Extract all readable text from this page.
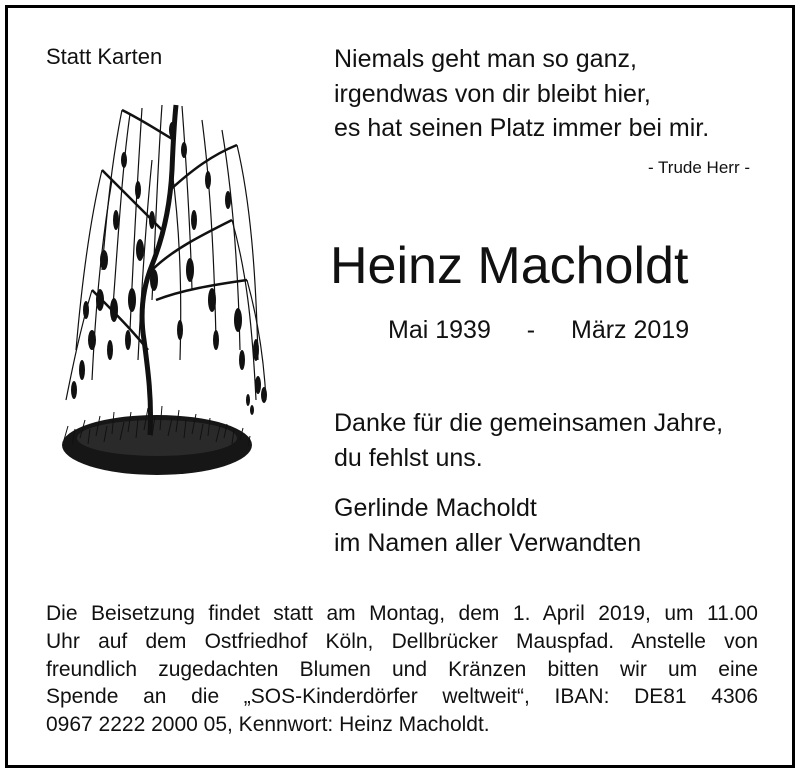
Statt Karten	Niemals geht man so ganz,
irgendwas von dir bleibt hier,
es hat seinen Platz immer bei mir.
- Trude Herr -
Heinz Macholdt
Mai 1939 - März 2019
Danke für die gemeinsamen Jahre,
du fehlst uns.
Gerlinde Macholdt
im Namen aller Verwandten
Die Beisetzung findet statt am Montag, dem 1. April 2019, um 11.00
Uhr auf dem Ostfriedhof Köln, Dellbrücker Mauspfad. Anstelle von
freundlich zugedachten Blumen und Kränzen bitten wir um eine
Spende an die „SOS-Kinderdörfer weltweit“, IBAN: DE81 4306
0967 2222 2000 05, Kennwort: Heinz Macholdt.
